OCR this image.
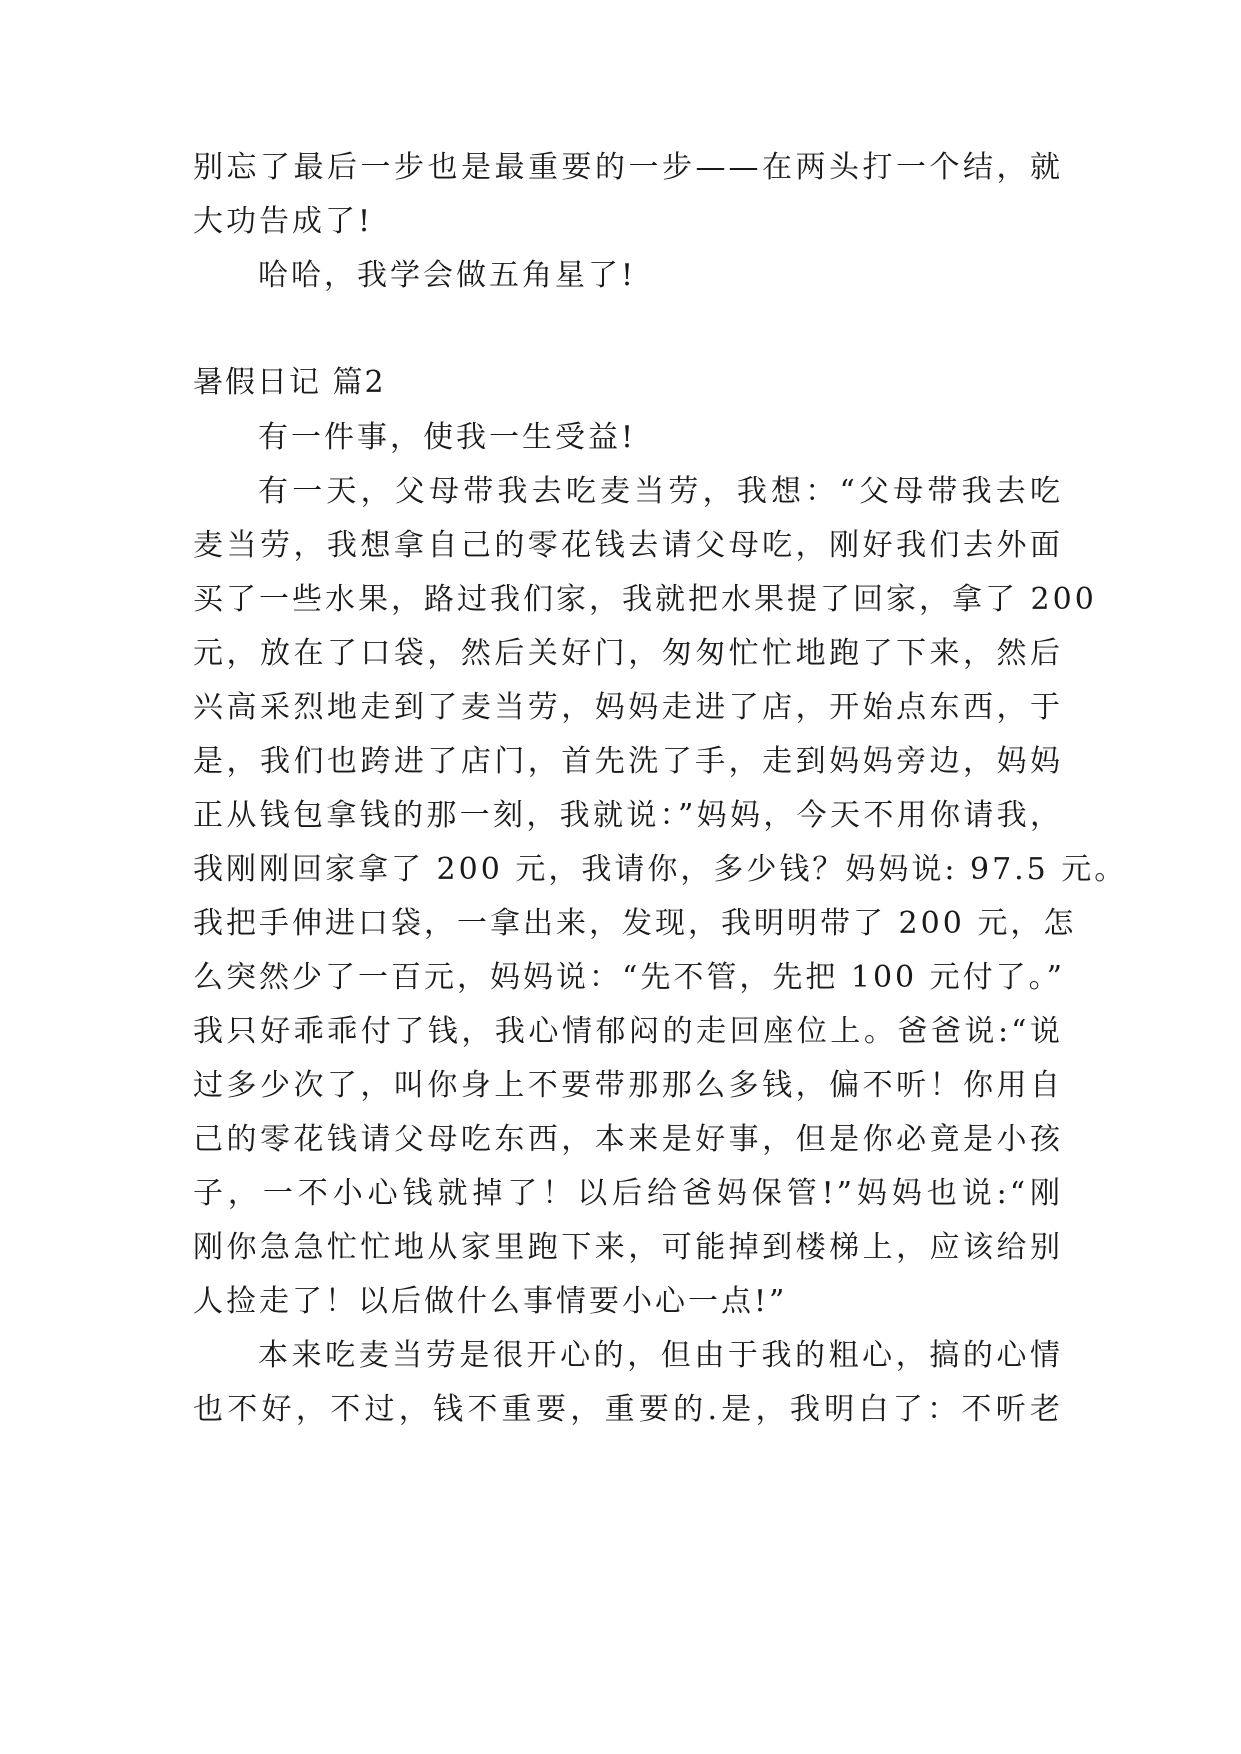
别忘了最后一步也是最重要的一步——在两头打一个结，就
大功告成了!
哈哈，我学会做五角星了!
暑假日记 篇2
有一件事，使我一生受益!
有一天，父母带我去吃麦当劳，我想：“父母带我去吃
麦当劳，我想拿自己的零花钱去请父母吃，刚好我们去外面
买了一些水果，路过我们家，我就把水果提了回家，拿了 200
元，放在了口袋，然后关好门，匆匆忙忙地跑了下来，然后
兴高采烈地走到了麦当劳，妈妈走进了店，开始点东西，于
是，我们也跨进了店门，首先洗了手，走到妈妈旁边，妈妈
正从钱包拿钱的那一刻，我就说：”妈妈，今天不用你请我，
我刚刚回家拿了 200 元，我请你，多少钱？妈妈说: 97.5 元。
我把手伸进口袋，一拿出来，发现，我明明带了 200 元，怎
么突然少了一百元，妈妈说：“先不管，先把 100 元付了。”
我只好乖乖付了钱，我心情郁闷的走回座位上。爸爸说:“说
过多少次了，叫你身上不要带那那么多钱，偏不听！你用自
己的零花钱请父母吃东西，本来是好事，但是你必竟是小孩
子，一不小心钱就掉了！以后给爸妈保管!”妈妈也说:“刚
刚你急急忙忙地从家里跑下来，可能掉到楼梯上，应该给别
人捡走了！以后做什么事情要小心一点!”
本来吃麦当劳是很开心的，但由于我的粗心，搞的心情
也不好，不过，钱不重要，重要的.是，我明白了：不听老
